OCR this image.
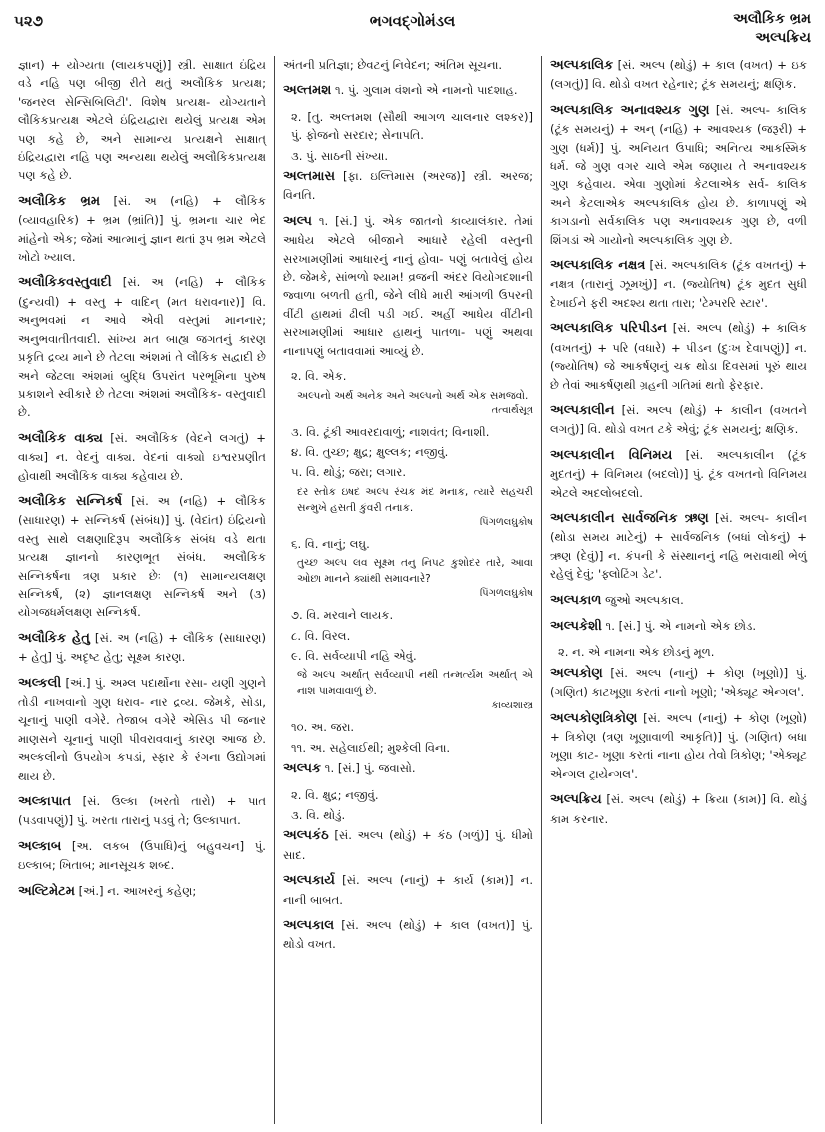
૫૨૭	ભગવદ્ગોમંડલ	અલૌકિક ભ્રમ
અલ્પક્રિય
જ્ઞાન) + યોગ્યતા (લાયકપણું)] સ્ત્રી. સાક્ષાત ઇંદ્રિય વડે નહિ પણ બીજી રીતે થતું અલૌકિક પ્રત્યક્ષ; 'જનરલ સેન્સિબિલિટી'. વિશેષ પ્રત્યક્ષ- યોગ્યતાને લૌકિકપ્રત્યક્ષ એટલે ઇંદ્રિયદ્વારા થયેલું પ્રત્યક્ષ એમ પણ કહે છે, અને સામાન્ય પ્રત્યક્ષને સાક્ષાત્ ઇંદ્રિયદ્વારા નહિ પણ અન્યથા થયેલું અલૌકિકપ્રત્યક્ષ પણ કહે છે.
અલૌકિક ભ્રમ [સં. અ (નહિ) + લૌકિક (વ્યાવહારિક) + ભ્રમ (ભ્રાંતિ)] પું. ભ્રમના ચાર ભેદ માંહેનો એક; જેમાં આત્માનું જ્ઞાન થતાં રૂપ ભ્રમ એટલે ખોટો ખ્યાલ.
અલૌકિકવસ્તુવાદી [સં. અ (નહિ) + લૌકિક (દુન્યવી) + વસ્તુ + વાદિન્ (મત ધરાવનાર)] વિ. અનુભવમાં ન આવે એવી વસ્તુમાં માનનાર; અનુભવાતીતવાદી. સાંખ્ય મત બાહ્ય જગતનું કારણ પ્રકૃતિ દ્રવ્ય માને છે તેટલા અંશમાં તે લૌકિક સદ્વાદી છે અને જેટલા અંશમાં બુદ્ધિ ઉપરાંત પરભૂમિના પુરુષ પ્રકાશને સ્વીકારે છે તેટલા અંશમાં અલૌકિક- વસ્તુવાદી છે.
અલૌકિક વાક્ય [સં. અલૌકિક (વેદને લગતું) + વાક્ય] ન. વેદનું વાક્ય. વેદનાં વાક્યો ઇશ્વરપ્રણીત હોવાથી અલૌકિક વાક્ય કહેવાય છે.
અલૌકિક સન્નિકર્ષ [સં. અ (નહિ) + લૌકિક (સાધારણ) + સન્નિકર્ષ (સંબંધ)] પું. (વેદાંત) ઇંદ્રિયનો વસ્તુ સાથે લક્ષણાદિરૂપ અલૌકિક સંબંધ વડે થતા પ્રત્યક્ષ જ્ઞાનનો કારણભૂત સંબંધ. અલૌકિક સન્નિકર્ષના ત્રણ પ્રકાર છેઃ (૧) સામાન્યલક્ષણ સન્નિકર્ષ, (૨) જ્ઞાનલક્ષણ સન્નિકર્ષ અને (૩) યોગજધર્મલક્ષણ સન્નિકર્ષ.
અલૌકિક હેતુ [સં. અ (નહિ) + લૌકિક (સાધારણ) + હેતુ] પું. અદૃષ્ટ હેતુ; સૂક્ષ્મ કારણ.
અલ્કલી [અં.] પું. અમ્લ પદાર્થોના રસા- યણી ગુણને તોડી નાખવાનો ગુણ ધરાવ- નાર દ્રવ્ય. જેમકે, સોડા, ચૂનાનું પાણી વગેરે. તેજાબ વગેરે એસિડ પી જનાર માણસને ચૂનાનું પાણી પીવરાવવાનું કારણ આજ છે. અલ્કલીનો ઉપયોગ કપડાં, સ્ફાર કે રંગના ઉદ્યોગમાં થાય છે.
અલ્કાપાત [સં. ઉલ્કા (ખરતો તારો) + પાત (પડવાપણું)] પું. ખરતા તારાનું પડવું તે; ઉલ્કાપાત.
અલ્કાબ [અ. લકબ (ઉપાધિ)નું બહુવચન] પું. ઇલ્કાબ; ખિતાબ; માનસૂચક શબ્દ.
અલ્ટિમેટમ [અં.] ન. આખરનું કહેણ;
અંતની પ્રતિજ્ઞા; છેવટનું નિવેદન; અંતિમ સૂચના.
અલ્તમશ ૧. પું. ગુલામ વંશનો એ નામનો પાદશાહ.
૨. [તુ. અલ્તમશ (સૌથી આગળ ચાલનાર લશ્કર)] પું. ફોજનો સરદાર; સેનાપતિ.
૩. પું. સાઠની સંખ્યા.
અલ્તમાસ [ફા. ઇલ્તિમાસ (અરજ)] સ્ત્રી. અરજ; વિનતિ.
અલ્પ ૧. [સં.] પું. એક જાતનો કાવ્યાલંકાર. તેમાં આધેય એટલે બીજાને આધારે રહેલી વસ્તુની સરખામણીમાં આધારનું નાનું હોવા- પણું બતાવેલું હોય છે. જેમકે, સાંભળો શ્યામ! વ્રજની અંદર વિયોગદશાની જ્વાળા બળતી હતી, જેને લીધે મારી આંગળી ઉપરની વીંટી હાથમાં ઢીલી પડી ગઈ. અહીં આધેય વીંટીની સરખામણીમાં આધાર હાથનું પાતળા- પણું અથવા નાનાપણું બતાવવામાં આવ્યું છે.
૨. વિ. એક.
અલ્પનો અર્થ અનેક અને અલ્પનો અર્થ એક સમજવો.
તત્વાર્થસૂત્ર
૩. વિ. ટૂંકી આવરદાવાળું; નાશવંત; વિનાશી.
૪. વિ. તુચ્છ; ક્ષુદ્ર; ક્ષુલ્લક; નજીવું.
૫. વિ. થોડું; જરા; લગાર.
દર સ્તોક ઇષદ અલ્પ રંચક મંદ મનાક, ત્યારે સહચરી સન્મુખે હસતી કુંવરી તનાક.
પિંગળલઘુકોષ
૬. વિ. નાનું; લઘુ.
તુચ્છ અલ્પ લવ સૂક્ષ્મ તનુ નિપટ કુશોદર તારે, આવા ઓછા માનને ક્યાંથી સમાવનારે?
પિંગળલઘુકોષ
૭. વિ. મરવાને લાયક.
૮. વિ. વિરલ.
૯. વિ. સર્વવ્યાપી નહિ એવું.
જે અલ્પ અર્થાત્ સર્વવ્યાપી નથી તન્મર્ત્યમ અર્થાત્ એ નાશ પામવાવાળું છે.
કાવ્યશાસ્ત્ર
૧૦. અ. જરા.
૧૧. અ. સહેલાઈથી; મુશ્કેલી વિના.
અલ્પક ૧. [સં.] પું. જવાસો.
૨. વિ. ક્ષુદ્ર; નજીવું.
૩. વિ. થોડું.
અલ્પકંઠ [સં. અલ્પ (થોડું) + કંઠ (ગળું)] પું. ધીમો સાદ.
અલ્પકાર્ય [સં. અલ્પ (નાનું) + કાર્ય (કામ)] ન. નાની બાબત.
અલ્પકાલ [સં. અલ્પ (થોડું) + કાલ (વખત)] પું. થોડો વખત.
અલ્પકાલિક [સં. અલ્પ (થોડું) + કાલ (વખત) + ઇક (લગતું)] વિ. થોડો વખત રહેનાર; ટૂંક સમયનું; ક્ષણિક.
અલ્પકાલિક અનાવશ્યક ગુણ [સં. અલ્પ- કાલિક (ટૂંક સમયનું) + અન્ (નહિ) + આવશ્યક (જરૂરી) + ગુણ (ધર્મ)] પું. અનિયત ઉપાધિ; અનિત્ય આકસ્મિક ધર્મ. જે ગુણ વગર ચાલે એમ જણાય તે અનાવશ્યક ગુણ કહેવાય. એવા ગુણોમાં કેટલાએક સર્વ- કાલિક અને કેટલાએક અલ્પકાલિક હોય છે. કાળાપણું એ કાગડાનો સર્વકાલિક પણ અનાવશ્યક ગુણ છે, વળી શિંગડાં એ ગાયોનો અલ્પકાલિક ગુણ છે.
અલ્પકાલિક નક્ષત્ર [સં. અલ્પકાલિક (ટૂંક વખતનું) + નક્ષત્ર (તારાનું ઝૂમખું)] ન. (જ્યોતિષ) ટૂંક મુદત સુધી દેખાઈને ફરી અદશ્ય થતા તારા; 'ટેમ્પરરિ સ્ટાર'.
અલ્પકાલિક પરિપીડન [સં. અલ્પ (થોડું) + કાલિક (વખતનું) + પરિ (વધારે) + પીડન (દુઃખ દેવાપણું)] ન. (જ્યોતિષ) જે આકર્ષણનું ચક્ર થોડા દિવસમાં પૂરું થાય છે તેવાં આકર્ષણથી ગ્રહની ગતિમાં થતો ફેરફાર.
અલ્પકાલીન [સં. અલ્પ (થોડું) + કાલીન (વખતને લગતું)] વિ. થોડો વખત ટકે એવું; ટૂંક સમયનું; ક્ષણિક.
અલ્પકાલીન વિનિમય [સં. અલ્પકાલીન (ટૂંક મુદતનું) + વિનિમય (બદલો)] પું. ટૂંક વખતનો વિનિમય એટલે અદલોબદલો.
અલ્પકાલીન સાર્વજનિક ઋણ [સં. અલ્પ- કાલીન (થોડા સમય માટેનું) + સાર્વજનિક (બધાં લોકનું) + ઋણ (દેવું)] ન. કંપની કે સંસ્થાનનું નહિ ભરાવાથી ભેળું રહેલું દેવું; 'ફ્લોટિંગ ડેટ'.
અલ્પકાળ જુઓ અલ્પકાલ.
અલ્પકેશી ૧. [સં.] પું. એ નામનો એક છોડ.
૨. ન. એ નામના એક છોડનું મૂળ.
અલ્પકોણ [સં. અલ્પ (નાનું) + કોણ (ખૂણો)] પું. (ગણિત) કાટખૂણા કરતાં નાનો ખૂણો; 'એક્યૂટ એન્ગલ'.
અલ્પકોણત્રિકોણ [સં. અલ્પ (નાનું) + કોણ (ખૂણો) + ત્રિકોણ (ત્રણ ખૂણાવાળી આકૃતિ)] પું. (ગણિત) બધા ખૂણા કાટ- ખૂણા કરતાં નાના હોય તેવો ત્રિકોણ; 'એક્યૂટ એન્ગલ ટ્રાયેન્ગલ'.
અલ્પક્રિય [સં. અલ્પ (થોડું) + ક્રિયા (કામ)] વિ. થોડું કામ કરનાર.
